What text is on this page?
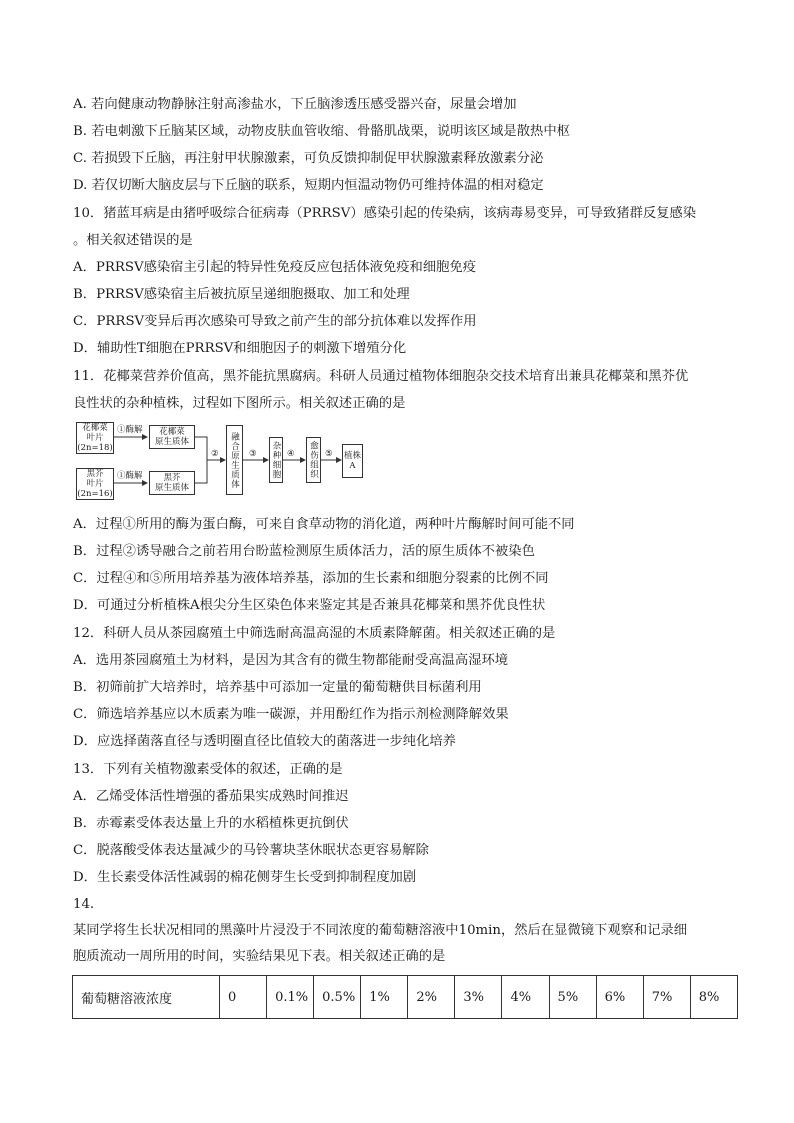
A. 若向健康动物静脉注射高渗盐水，下丘脑渗透压感受器兴奋，尿量会增加
B. 若电刺激下丘脑某区域，动物皮肤血管收缩、骨骼肌战栗，说明该区域是散热中枢
C. 若损毁下丘脑，再注射甲状腺激素，可负反馈抑制促甲状腺激素释放激素分泌
D. 若仅切断大脑皮层与下丘脑的联系，短期内恒温动物仍可维持体温的相对稳定
10．猪蓝耳病是由猪呼吸综合征病毒（PRRSV）感染引起的传染病，该病毒易变异，可导致猪群反复感染
。相关叙述错误的是
A．PRRSV感染宿主引起的特异性免疫反应包括体液免疫和细胞免疫
B．PRRSV感染宿主后被抗原呈递细胞摄取、加工和处理
C．PRRSV变异后再次感染可导致之前产生的部分抗体难以发挥作用
D．辅助性T细胞在PRRSV和细胞因子的刺激下增殖分化
11．花椰菜营养价值高，黑芥能抗黑腐病。科研人员通过植物体细胞杂交技术培育出兼具花椰菜和黑芥优
良性状的杂种植株，过程如下图所示。相关叙述正确的是
花椰菜
叶片
(2n=18)
黑芥
叶片
(2n=16)
①酶解
①酶解
花椰菜
原生质体
黑芥
原生质体
②	融合原生质体	③ 杂种细胞 ④ 愈伤组织 ⑤ 植株
A
A．过程①所用的酶为蛋白酶，可来自食草动物的消化道，两种叶片酶解时间可能不同
B．过程②诱导融合之前若用台盼蓝检测原生质体活力，活的原生质体不被染色
C．过程④和⑤所用培养基为液体培养基，添加的生长素和细胞分裂素的比例不同
D．可通过分析植株A根尖分生区染色体来鉴定其是否兼具花椰菜和黑芥优良性状
12．科研人员从茶园腐殖土中筛选耐高温高湿的木质素降解菌。相关叙述正确的是
A．选用茶园腐殖土为材料，是因为其含有的微生物都能耐受高温高湿环境
B．初筛前扩大培养时，培养基中可添加一定量的葡萄糖供目标菌利用
C．筛选培养基应以木质素为唯一碳源，并用酚红作为指示剂检测降解效果
D．应选择菌落直径与透明圈直径比值较大的菌落进一步纯化培养
13．下列有关植物激素受体的叙述，正确的是
A．乙烯受体活性增强的番茄果实成熟时间推迟
B．赤霉素受体表达量上升的水稻植株更抗倒伏
C．脱落酸受体表达量减少的马铃薯块茎休眠状态更容易解除
D．生长素受体活性减弱的棉花侧芽生长受到抑制程度加剧
14.
某同学将生长状况相同的黑藻叶片浸没于不同浓度的葡萄糖溶液中10min，然后在显微镜下观察和记录细
胞质流动一周所用的时间，实验结果见下表。相关叙述正确的是
葡萄糖溶液浓度	0	0.1%	0.5%	1%	2%	3%	4%	5%	6%	7%	8%
